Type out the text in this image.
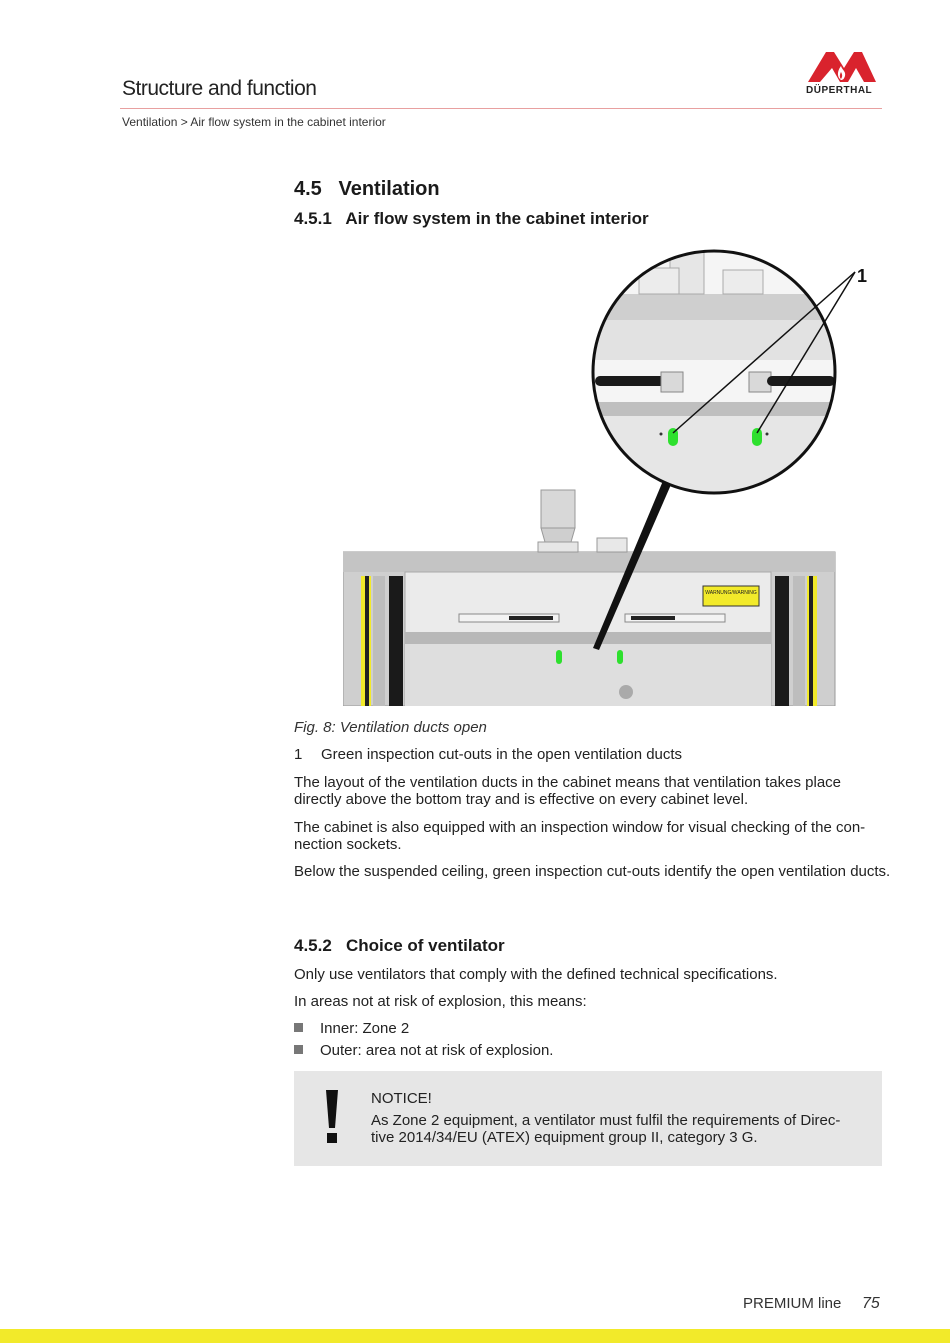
Structure and function	DÜPERTHAL
Ventilation > Air flow system in the cabinet interior
4.5   Ventilation
4.5.1   Air flow system in the cabinet interior
WARNUNG/WARNING
1
Fig. 8: Ventilation ducts open
1 Green inspection cut-outs in the open ventilation ducts
The layout of the ventilation ducts in the cabinet means that ventilation takes place directly above the bottom tray and is effective on every cabinet level.
The cabinet is also equipped with an inspection window for visual checking of the con-nection sockets.
Below the suspended ceiling, green inspection cut-outs identify the open ventilation ducts.
4.5.2   Choice of ventilator
Only use ventilators that comply with the defined technical specifications.
In areas not at risk of explosion, this means:
Inner: Zone 2
Outer: area not at risk of explosion.
NOTICE!
As Zone 2 equipment, a ventilator must fulfil the requirements of Direc-tive 2014/34/EU (ATEX) equipment group II, category 3 G.
PREMIUM line 75
